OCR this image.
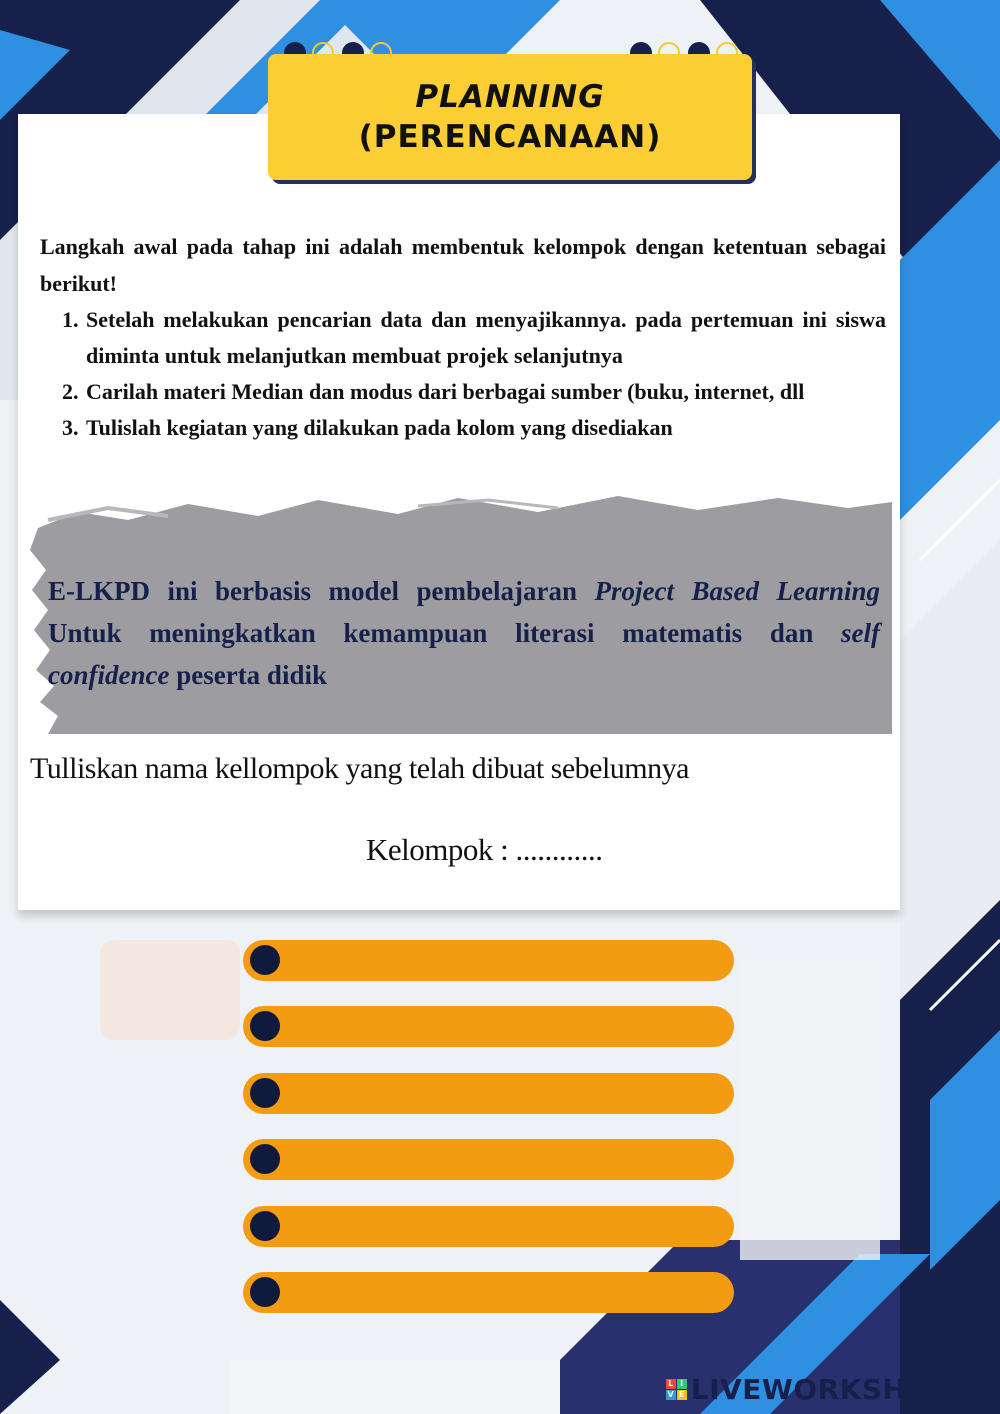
PLANNING
(PERENCANAAN)
Langkah awal pada tahap ini adalah membentuk kelompok dengan ketentuan sebagai berikut!
1. Setelah melakukan pencarian data dan menyajikannya. pada pertemuan ini siswa diminta untuk melanjutkan membuat projek selanjutnya
2. Carilah materi Median dan modus dari berbagai sumber (buku, internet, dll
3. Tulislah kegiatan yang dilakukan pada kolom yang disediakan
E-LKPD ini berbasis model pembelajaran Project Based Learning Untuk meningkatkan kemampuan literasi matematis dan self confidence peserta didik
Tulliskan nama kellompok yang telah dibuat sebelumnya
Kelompok : ............
L I
V E LIVEWORKSHEETS
